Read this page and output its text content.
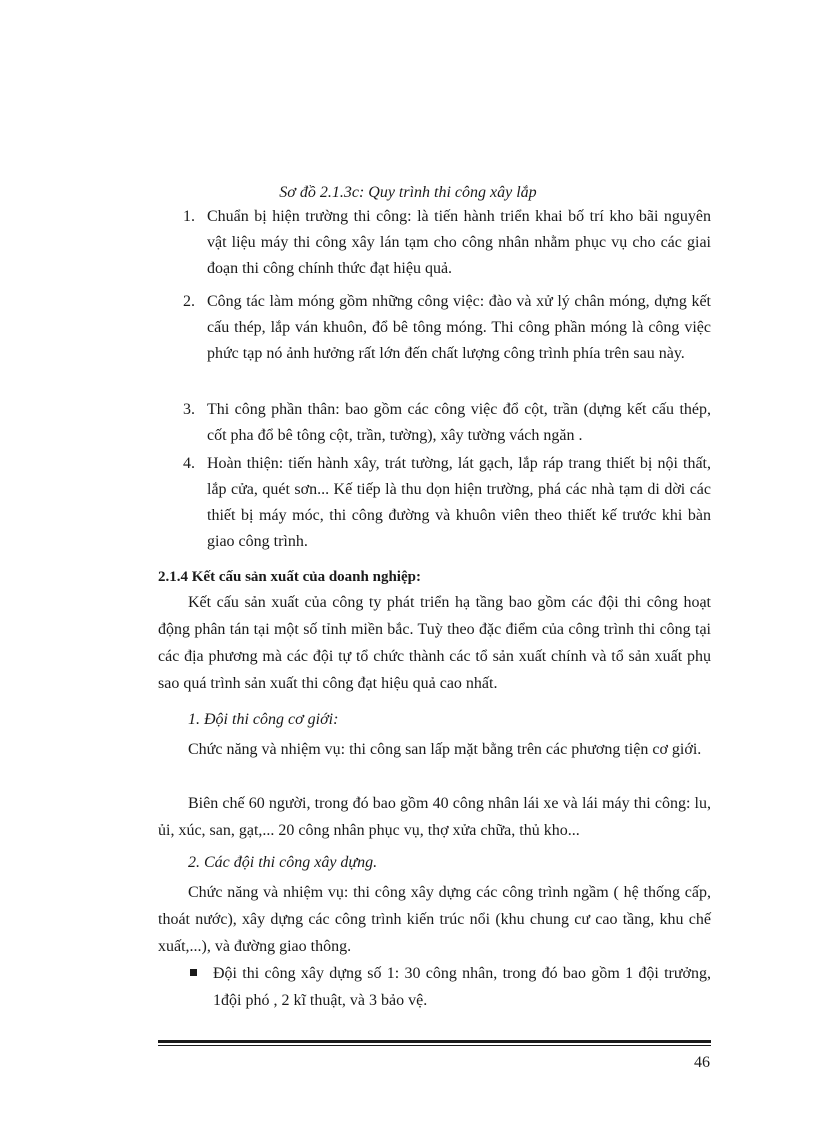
Sơ đồ 2.1.3c: Quy trình thi công xây lắp
1. Chuẩn bị hiện trường thi công: là tiến hành triển khai bố trí kho bãi nguyên vật liệu máy thi công xây lán tạm cho công nhân nhằm phục vụ cho các giai đoạn thi công chính thức đạt hiệu quả.
2. Công tác làm móng gồm những công việc: đào và xử lý chân móng, dựng kết cấu thép, lắp ván khuôn, đổ bê tông móng. Thi công phần móng là công việc phức tạp nó ảnh hưởng rất lớn đến chất lượng công trình phía trên sau này.
3. Thi công phần thân: bao gồm các công việc đổ cột, trần (dựng kết cấu thép, cốt pha đổ bê tông cột, trần, tường), xây tường vách ngăn .
4. Hoàn thiện: tiến hành xây, trát tường, lát gạch, lắp ráp trang thiết bị nội thất, lắp cửa, quét sơn... Kế tiếp là thu dọn hiện trường, phá các nhà tạm di dời các thiết bị máy móc, thi công đường và khuôn viên theo thiết kế trước khi bàn giao công trình.
2.1.4 Kết cấu sản xuất của doanh nghiệp:
Kết cấu sản xuất của công ty phát triển hạ tầng bao gồm các đội thi công hoạt động phân tán tại một số tỉnh miền bắc. Tuỳ theo đặc điểm của công trình thi công tại các địa phương mà các đội tự tổ chức thành các tổ sản xuất chính và tổ sản xuất phụ sao quá trình sản xuất thi công đạt hiệu quả cao nhất.
1. Đội thi công cơ giới:
Chức năng và nhiệm vụ: thi công san lấp mặt bằng trên các phương tiện cơ giới.
Biên chế 60 người, trong đó bao gồm 40 công nhân lái xe và lái máy thi công: lu, ủi, xúc, san, gạt,... 20 công nhân phục vụ, thợ xửa chữa, thủ kho...
2. Các đội thi công xây dựng.
Chức năng và nhiệm vụ: thi công xây dựng các công trình ngầm ( hệ thống cấp, thoát nước), xây dựng các công trình kiến trúc nổi (khu chung cư cao tầng, khu chế xuất,...), và đường giao thông.
Đội thi công xây dựng số 1: 30 công nhân, trong đó bao gồm 1 đội trưởng, 1đội phó , 2 kĩ thuật, và 3 bảo vệ.
46
